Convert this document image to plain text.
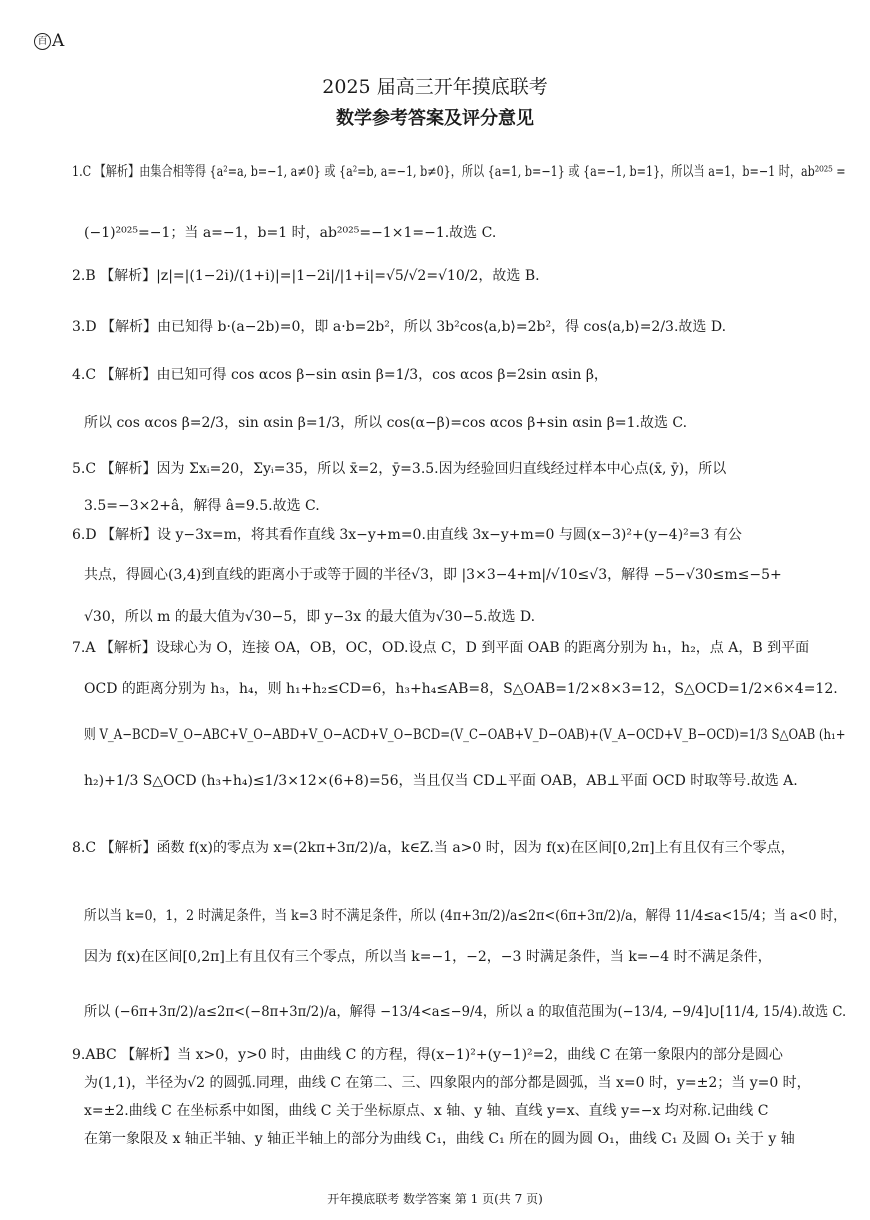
百 A
2025 届高三开年摸底联考
数学参考答案及评分意见
1.C 【解析】由集合相等得 {a²=a, b=−1, a≠0} 或 {a²=b, a=−1, b≠0}，所以 {a=1, b=−1} 或 {a=−1, b=1}，所以当 a=1，b=−1 时，ab²⁰²⁵ =
(−1)²⁰²⁵=−1；当 a=−1，b=1 时，ab²⁰²⁵=−1×1=−1.故选 C.
2.B 【解析】|z|=|(1−2i)/(1+i)|=|1−2i|/|1+i|=√5/√2=√10/2，故选 B.
3.D 【解析】由已知得 b·(a−2b)=0，即 a·b=2b²，所以 3b²cos⟨a,b⟩=2b²，得 cos⟨a,b⟩=2/3.故选 D.
4.C 【解析】由已知可得 cos αcos β−sin αsin β=1/3，cos αcos β=2sin αsin β，
所以 cos αcos β=2/3，sin αsin β=1/3，所以 cos(α−β)=cos αcos β+sin αsin β=1.故选 C.
5.C 【解析】因为 Σxᵢ=20，Σyᵢ=35，所以 x̄=2，ȳ=3.5.因为经验回归直线经过样本中心点(x̄, ȳ)，所以
3.5=−3×2+â，解得 â=9.5.故选 C.
6.D 【解析】设 y−3x=m，将其看作直线 3x−y+m=0.由直线 3x−y+m=0 与圆(x−3)²+(y−4)²=3 有公
共点，得圆心(3,4)到直线的距离小于或等于圆的半径√3，即 |3×3−4+m|/√10≤√3，解得 −5−√30≤m≤−5+
√30，所以 m 的最大值为√30−5，即 y−3x 的最大值为√30−5.故选 D.
7.A 【解析】设球心为 O，连接 OA，OB，OC，OD.设点 C，D 到平面 OAB 的距离分别为 h₁，h₂，点 A，B 到平面
OCD 的距离分别为 h₃，h₄，则 h₁+h₂≤CD=6，h₃+h₄≤AB=8，S△OAB=1/2×8×3=12，S△OCD=1/2×6×4=12.
则 V_A−BCD=V_O−ABC+V_O−ABD+V_O−ACD+V_O−BCD=(V_C−OAB+V_D−OAB)+(V_A−OCD+V_B−OCD)=1/3 S△OAB (h₁+
h₂)+1/3 S△OCD (h₃+h₄)≤1/3×12×(6+8)=56，当且仅当 CD⊥平面 OAB，AB⊥平面 OCD 时取等号.故选 A.
8.C 【解析】函数 f(x)的零点为 x=(2kπ+3π/2)/a，k∈Z.当 a>0 时，因为 f(x)在区间[0,2π]上有且仅有三个零点，
所以当 k=0，1，2 时满足条件，当 k=3 时不满足条件，所以 (4π+3π/2)/a≤2π<(6π+3π/2)/a，解得 11/4≤a<15/4；当 a<0 时，
因为 f(x)在区间[0,2π]上有且仅有三个零点，所以当 k=−1，−2，−3 时满足条件，当 k=−4 时不满足条件，
所以 (−6π+3π/2)/a≤2π<(−8π+3π/2)/a，解得 −13/4<a≤−9/4，所以 a 的取值范围为(−13/4, −9/4]∪[11/4, 15/4).故选 C.
9.ABC 【解析】当 x>0，y>0 时，由曲线 C 的方程，得(x−1)²+(y−1)²=2，曲线 C 在第一象限内的部分是圆心
为(1,1)，半径为√2 的圆弧.同理，曲线 C 在第二、三、四象限内的部分都是圆弧，当 x=0 时，y=±2；当 y=0 时，
x=±2.曲线 C 在坐标系中如图，曲线 C 关于坐标原点、x 轴、y 轴、直线 y=x、直线 y=−x 均对称.记曲线 C
在第一象限及 x 轴正半轴、y 轴正半轴上的部分为曲线 C₁，曲线 C₁ 所在的圆为圆 O₁，曲线 C₁ 及圆 O₁ 关于 y 轴
开年摸底联考 数学答案 第 1 页(共 7 页)
